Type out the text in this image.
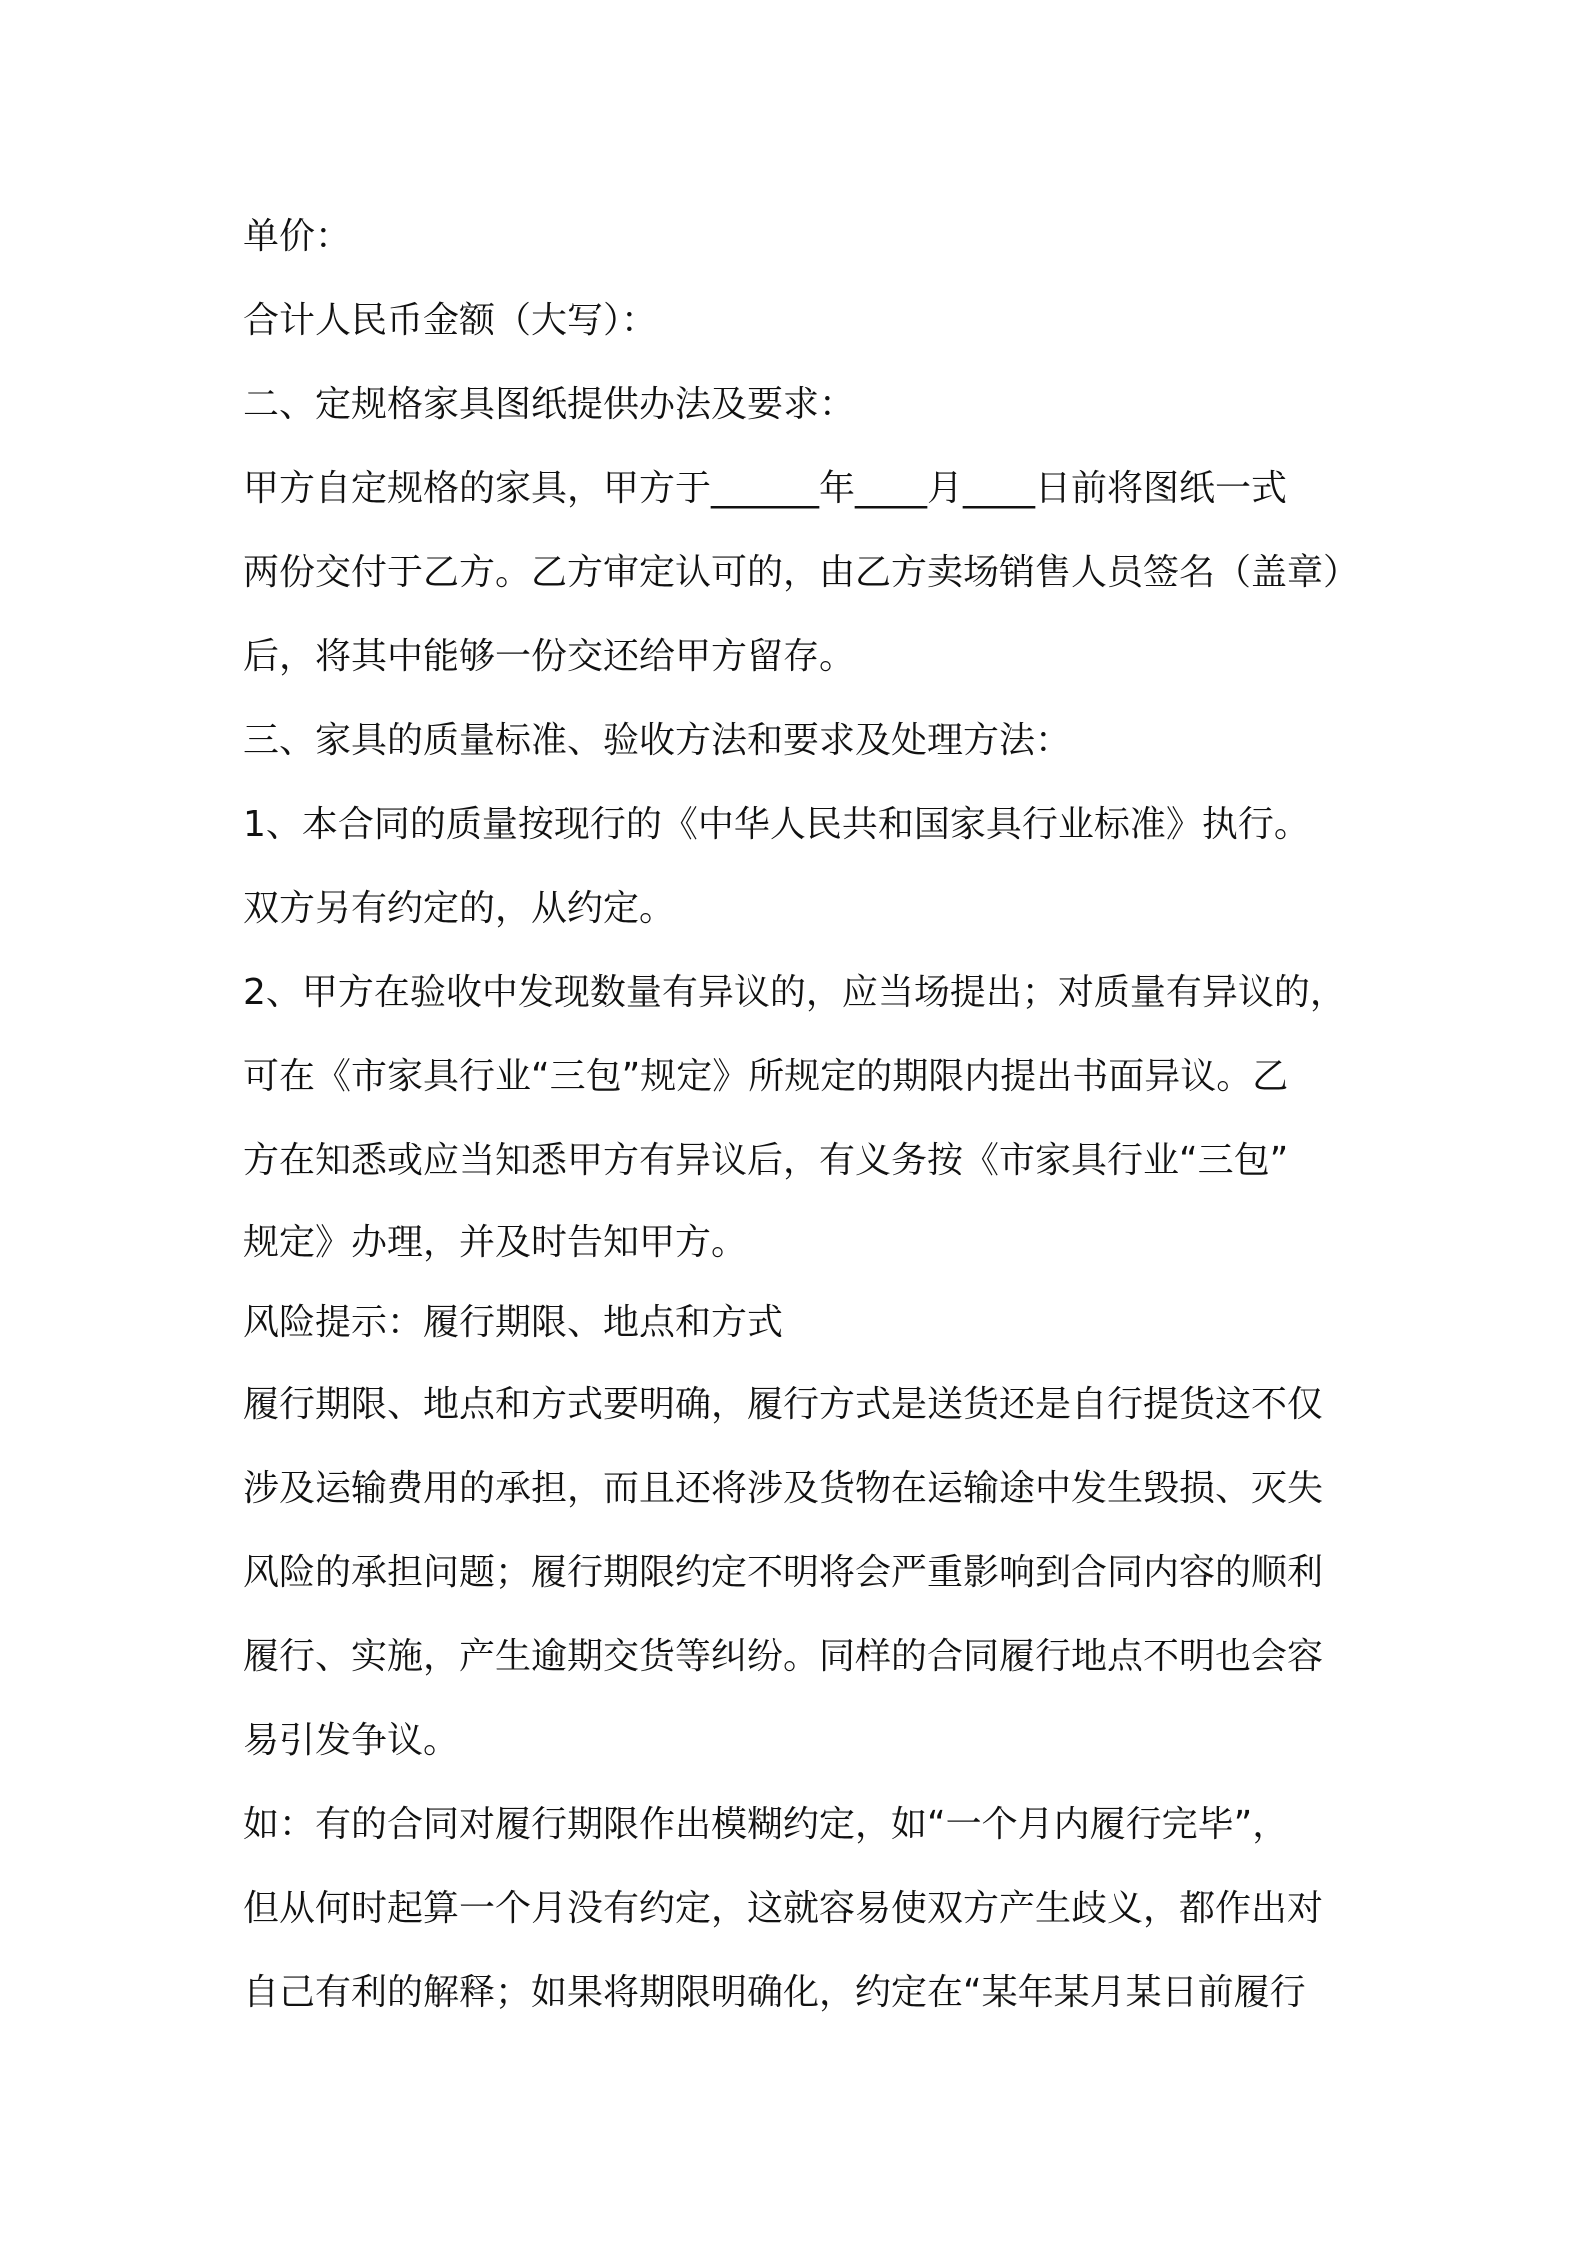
单价：
合计人民币金额（大写）：
二、定规格家具图纸提供办法及要求：
甲方自定规格的家具，甲方于______年____月____日前将图纸一式
两份交付于乙方。乙方审定认可的，由乙方卖场销售人员签名（盖章）
后，将其中能够一份交还给甲方留存。
三、家具的质量标准、验收方法和要求及处理方法：
1、本合同的质量按现行的《中华人民共和国家具行业标准》执行。
双方另有约定的，从约定。
2、甲方在验收中发现数量有异议的，应当场提出；对质量有异议的，
可在《市家具行业“三包”规定》所规定的期限内提出书面异议。乙
方在知悉或应当知悉甲方有异议后，有义务按《市家具行业“三包”
规定》办理，并及时告知甲方。
风险提示：履行期限、地点和方式
履行期限、地点和方式要明确，履行方式是送货还是自行提货这不仅
涉及运输费用的承担，而且还将涉及货物在运输途中发生毁损、灭失
风险的承担问题；履行期限约定不明将会严重影响到合同内容的顺利
履行、实施，产生逾期交货等纠纷。同样的合同履行地点不明也会容
易引发争议。
如：有的合同对履行期限作出模糊约定，如“一个月内履行完毕”，
但从何时起算一个月没有约定，这就容易使双方产生歧义，都作出对
自己有利的解释；如果将期限明确化，约定在“某年某月某日前履行
